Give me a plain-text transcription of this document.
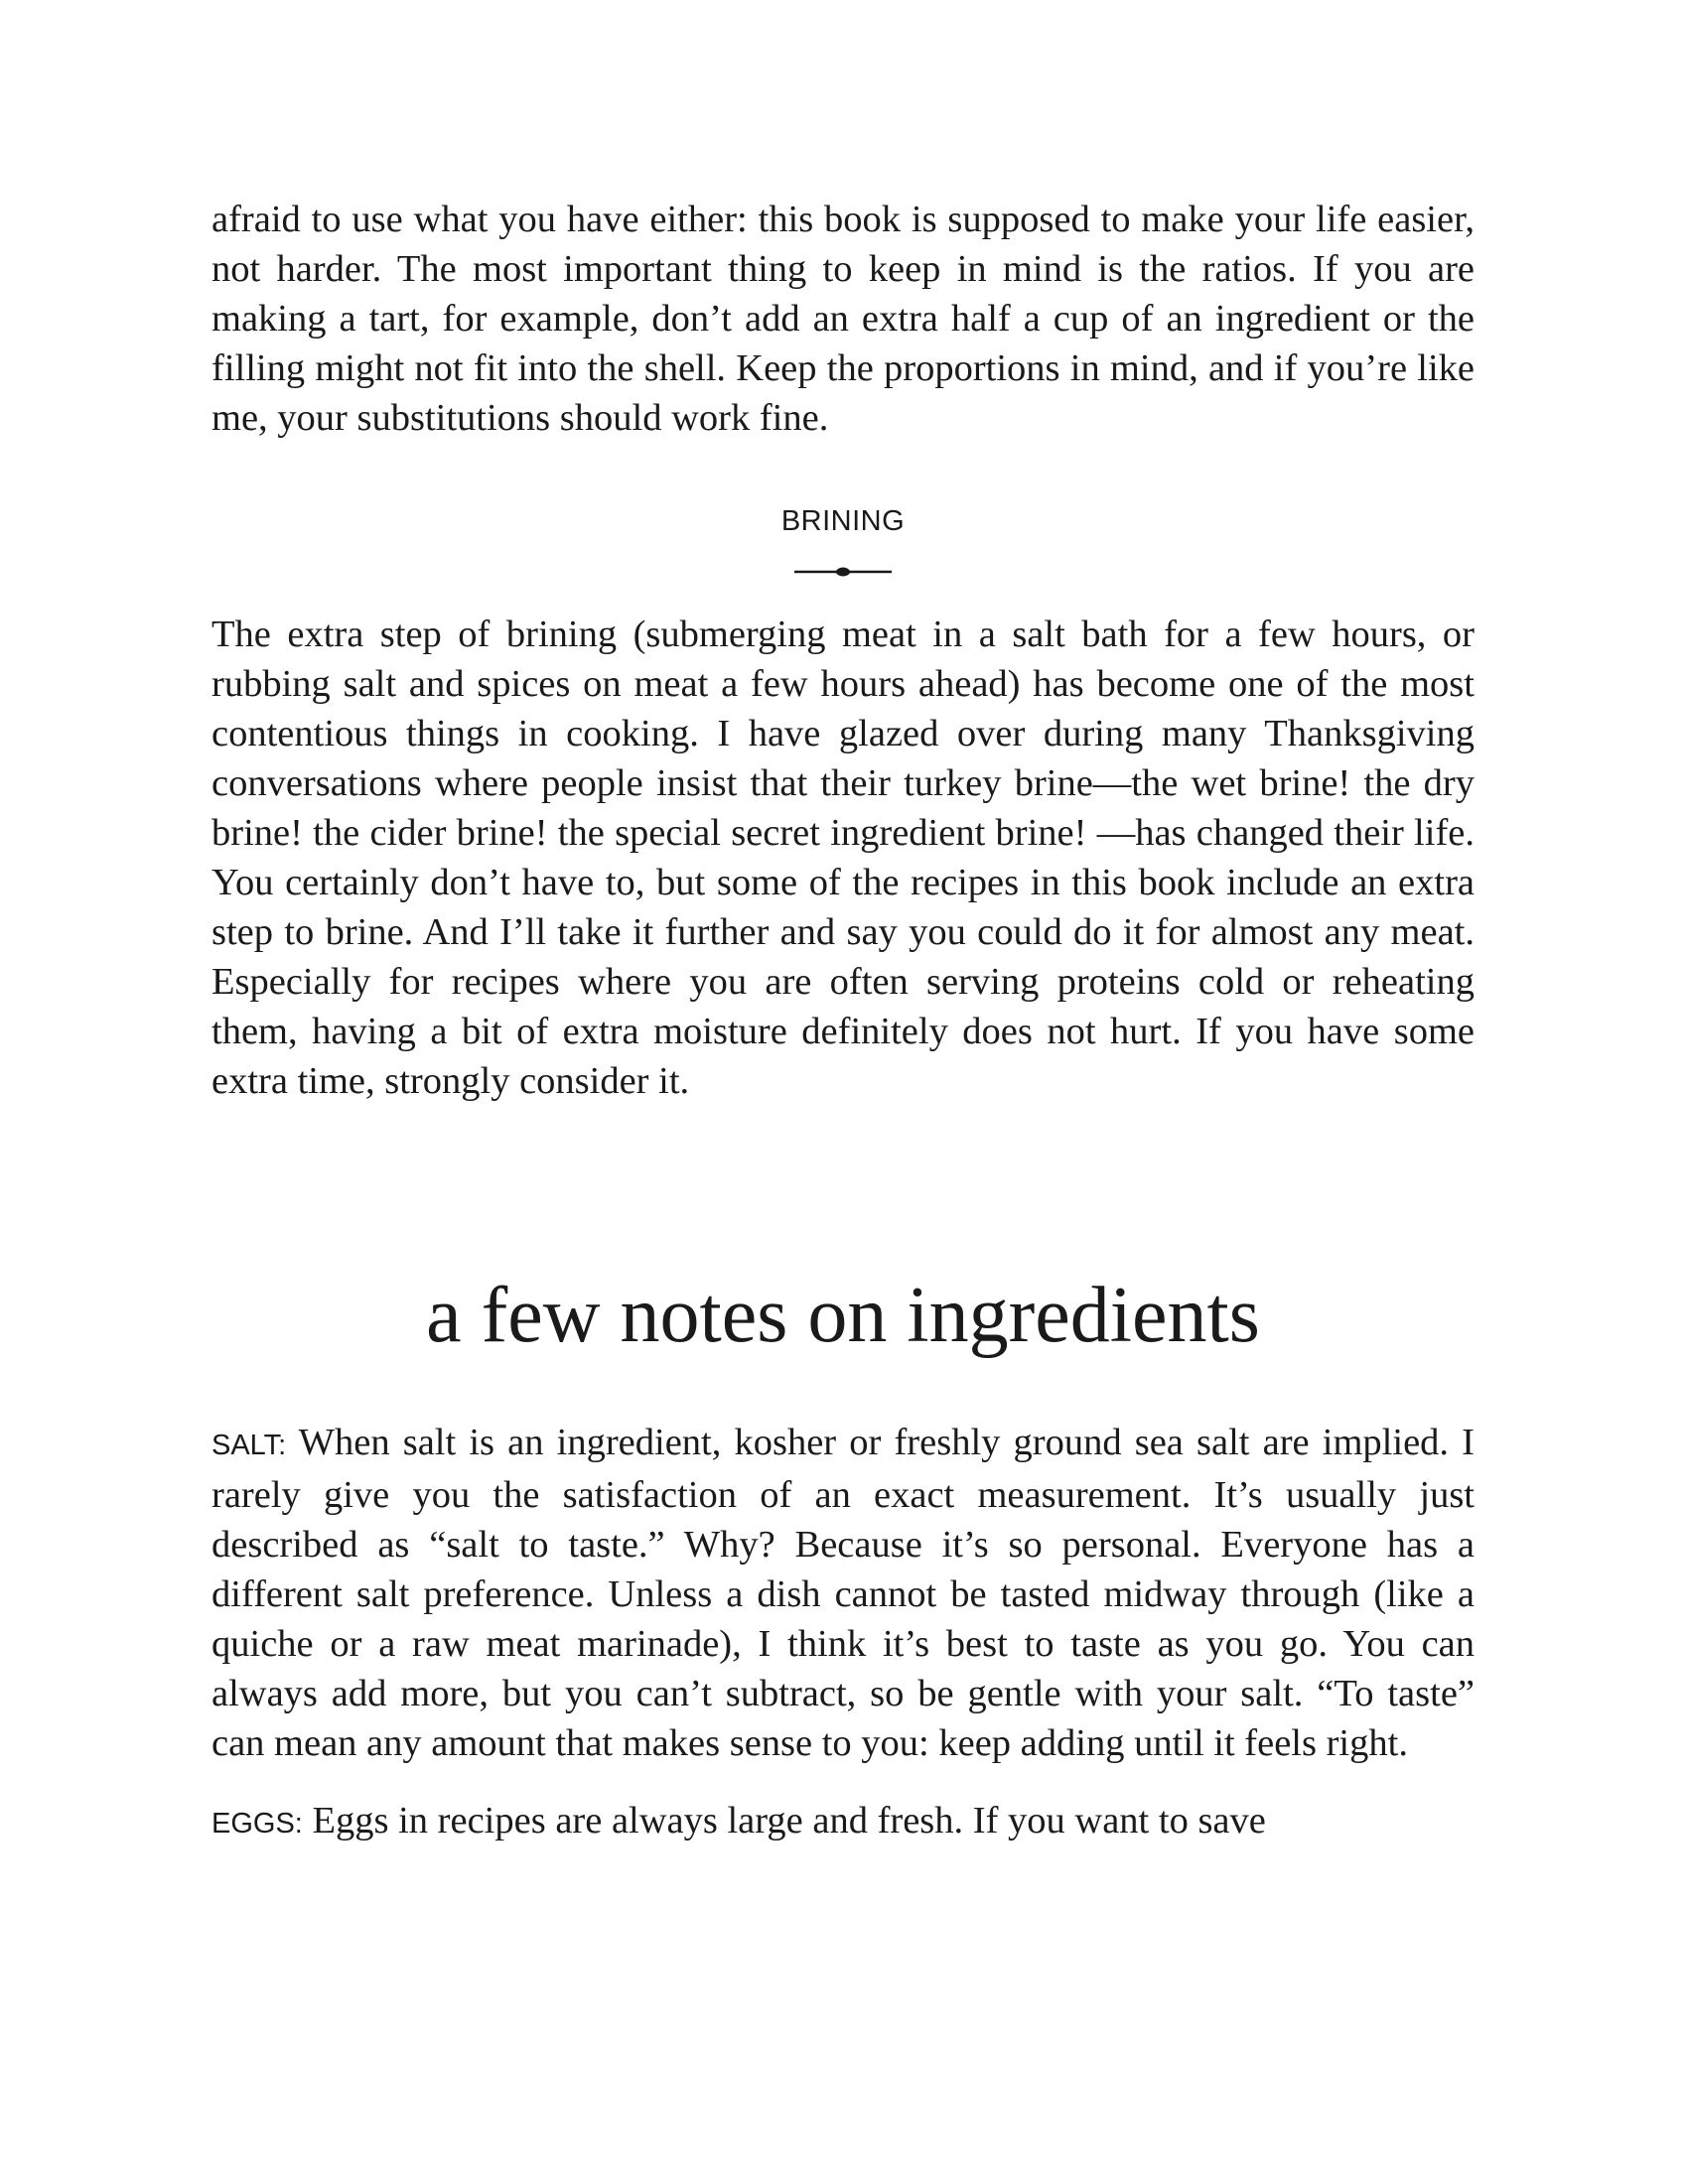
afraid to use what you have either: this book is supposed to make your life easier, not harder. The most important thing to keep in mind is the ratios. If you are making a tart, for example, don’t add an extra half a cup of an ingredient or the filling might not fit into the shell. Keep the proportions in mind, and if you’re like me, your substitutions should work fine.

BRINING

The extra step of brining (submerging meat in a salt bath for a few hours, or rubbing salt and spices on meat a few hours ahead) has become one of the most contentious things in cooking. I have glazed over during many Thanksgiving conversations where people insist that their turkey brine—the wet brine! the dry brine! the cider brine! the special secret ingredient brine! —has changed their life. You certainly don’t have to, but some of the recipes in this book include an extra step to brine. And I’ll take it further and say you could do it for almost any meat. Especially for recipes where you are often serving proteins cold or reheating them, having a bit of extra moisture definitely does not hurt. If you have some extra time, strongly consider it.

a few notes on ingredients

SALT: When salt is an ingredient, kosher or freshly ground sea salt are implied. I rarely give you the satisfaction of an exact measurement. It’s usually just described as “salt to taste.” Why? Because it’s so personal. Everyone has a different salt preference. Unless a dish cannot be tasted midway through (like a quiche or a raw meat marinade), I think it’s best to taste as you go. You can always add more, but you can’t subtract, so be gentle with your salt. “To taste” can mean any amount that makes sense to you: keep adding until it feels right.

EGGS: Eggs in recipes are always large and fresh. If you want to save
